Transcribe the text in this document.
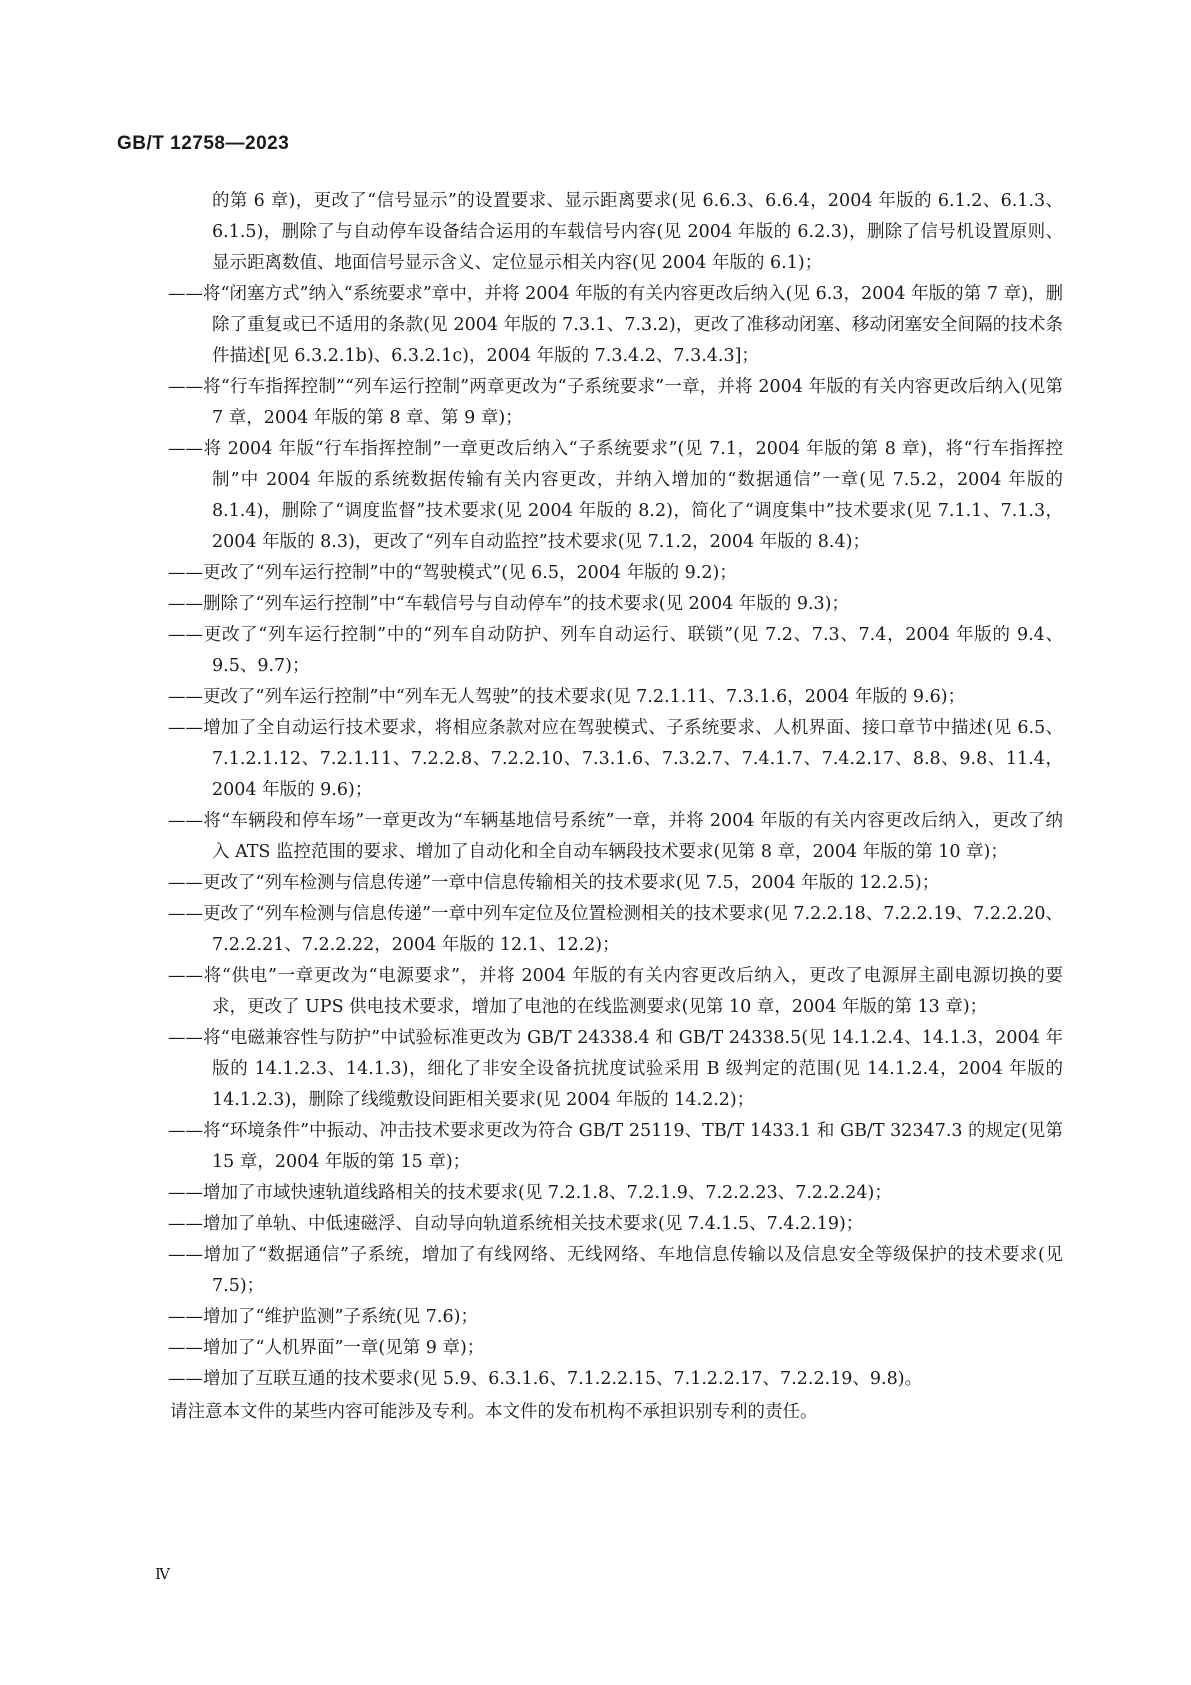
GB/T 12758—2023

的第 6 章)，更改了“信号显示”的设置要求、显示距离要求(见 6.6.3、6.6.4，2004 年版的 6.1.2、6.1.3、6.1.5)，删除了与自动停车设备结合运用的车载信号内容(见 2004 年版的 6.2.3)，删除了信号机设置原则、显示距离数值、地面信号显示含义、定位显示相关内容(见 2004 年版的 6.1)；

——将“闭塞方式”纳入“系统要求”章中，并将 2004 年版的有关内容更改后纳入(见 6.3，2004 年版的第 7 章)，删除了重复或已不适用的条款(见 2004 年版的 7.3.1、7.3.2)，更改了准移动闭塞、移动闭塞安全间隔的技术条件描述[见 6.3.2.1b)、6.3.2.1c)，2004 年版的 7.3.4.2、7.3.4.3]；

——将“行车指挥控制”“列车运行控制”两章更改为“子系统要求”一章，并将 2004 年版的有关内容更改后纳入(见第 7 章，2004 年版的第 8 章、第 9 章)；

——将 2004 年版“行车指挥控制”一章更改后纳入“子系统要求”(见 7.1，2004 年版的第 8 章)，将“行车指挥控制”中 2004 年版的系统数据传输有关内容更改，并纳入增加的“数据通信”一章(见 7.5.2，2004 年版的 8.1.4)，删除了“调度监督”技术要求(见 2004 年版的 8.2)，简化了“调度集中”技术要求(见 7.1.1、7.1.3，2004 年版的 8.3)，更改了“列车自动监控”技术要求(见 7.1.2，2004 年版的 8.4)；

——更改了“列车运行控制”中的“驾驶模式”(见 6.5，2004 年版的 9.2)；

——删除了“列车运行控制”中“车载信号与自动停车”的技术要求(见 2004 年版的 9.3)；

——更改了“列车运行控制”中的“列车自动防护、列车自动运行、联锁”(见 7.2、7.3、7.4，2004 年版的 9.4、9.5、9.7)；

——更改了“列车运行控制”中“列车无人驾驶”的技术要求(见 7.2.1.11、7.3.1.6，2004 年版的 9.6)；

——增加了全自动运行技术要求，将相应条款对应在驾驶模式、子系统要求、人机界面、接口章节中描述(见 6.5、7.1.2.1.12、7.2.1.11、7.2.2.8、7.2.2.10、7.3.1.6、7.3.2.7、7.4.1.7、7.4.2.17、8.8、9.8、11.4，2004 年版的 9.6)；

——将“车辆段和停车场”一章更改为“车辆基地信号系统”一章，并将 2004 年版的有关内容更改后纳入，更改了纳入 ATS 监控范围的要求、增加了自动化和全自动车辆段技术要求(见第 8 章，2004 年版的第 10 章)；

——更改了“列车检测与信息传递”一章中信息传输相关的技术要求(见 7.5，2004 年版的 12.2.5)；

——更改了“列车检测与信息传递”一章中列车定位及位置检测相关的技术要求(见 7.2.2.18、7.2.2.19、7.2.2.20、7.2.2.21、7.2.2.22，2004 年版的 12.1、12.2)；

——将“供电”一章更改为“电源要求”，并将 2004 年版的有关内容更改后纳入，更改了电源屏主副电源切换的要求，更改了 UPS 供电技术要求，增加了电池的在线监测要求(见第 10 章，2004 年版的第 13 章)；

——将“电磁兼容性与防护”中试验标准更改为 GB/T 24338.4 和 GB/T 24338.5(见 14.1.2.4、14.1.3，2004 年版的 14.1.2.3、14.1.3)，细化了非安全设备抗扰度试验采用 B 级判定的范围(见 14.1.2.4，2004 年版的 14.1.2.3)，删除了线缆敷设间距相关要求(见 2004 年版的 14.2.2)；

——将“环境条件”中振动、冲击技术要求更改为符合 GB/T 25119、TB/T 1433.1 和 GB/T 32347.3 的规定(见第 15 章，2004 年版的第 15 章)；

——增加了市域快速轨道线路相关的技术要求(见 7.2.1.8、7.2.1.9、7.2.2.23、7.2.2.24)；

——增加了单轨、中低速磁浮、自动导向轨道系统相关技术要求(见 7.4.1.5、7.4.2.19)；

——增加了“数据通信”子系统，增加了有线网络、无线网络、车地信息传输以及信息安全等级保护的技术要求(见 7.5)；

——增加了“维护监测”子系统(见 7.6)；

——增加了“人机界面”一章(见第 9 章)；

——增加了互联互通的技术要求(见 5.9、6.3.1.6、7.1.2.2.15、7.1.2.2.17、7.2.2.19、9.8)。

请注意本文件的某些内容可能涉及专利。本文件的发布机构不承担识别专利的责任。

Ⅳ
